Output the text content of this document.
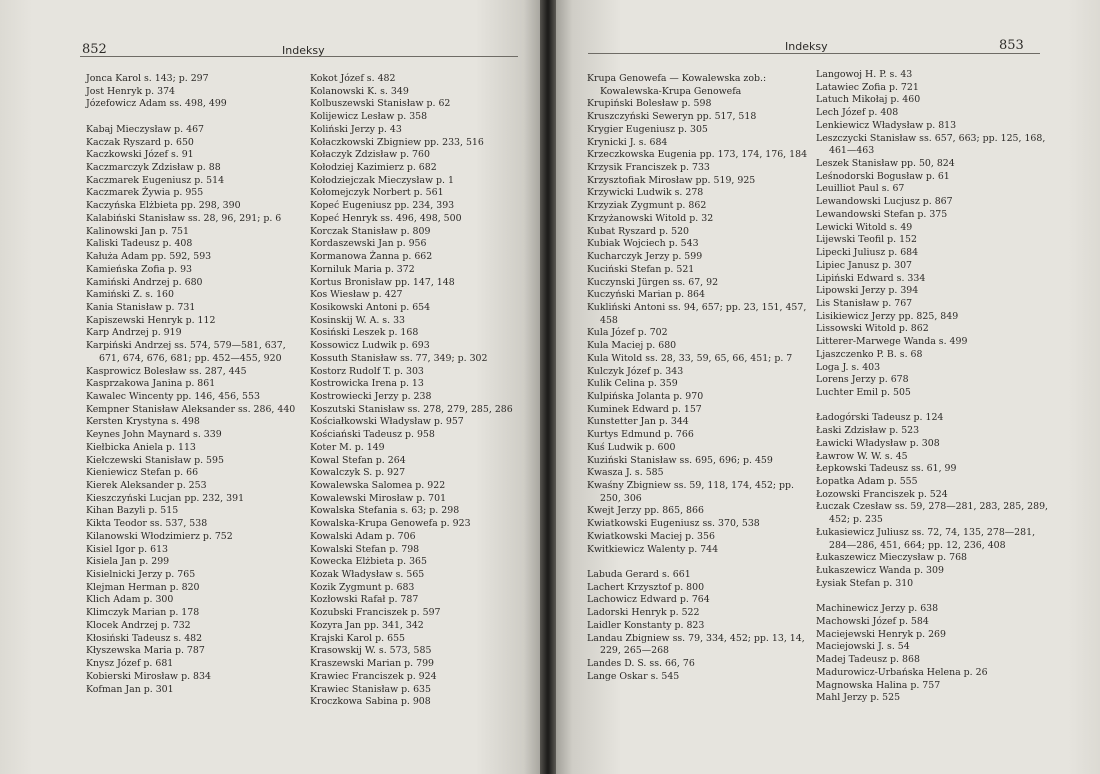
852	Indeksy
Jonca Karol s. 143; p. 297
Jost Henryk p. 374
Józefowicz Adam ss. 498, 499
Kabaj Mieczysław p. 467
Kaczak Ryszard p. 650
Kaczkowski Józef s. 91
Kaczmarczyk Zdzisław p. 88
Kaczmarek Eugeniusz p. 514
Kaczmarek Żywia p. 955
Kaczyńska Elżbieta pp. 298, 390
Kalabiński Stanisław ss. 28, 96, 291; p. 6
Kalinowski Jan p. 751
Kaliski Tadeusz p. 408
Kałuża Adam pp. 592, 593
Kamieńska Zofia p. 93
Kamiński Andrzej p. 680
Kamiński Z. s. 160
Kania Stanisław p. 731
Kapiszewski Henryk p. 112
Karp Andrzej p. 919
Karpiński Andrzej ss. 574, 579—581, 637, 671, 674, 676, 681; pp. 452—455, 920
Kasprowicz Bolesław ss. 287, 445
Kasprzakowa Janina p. 861
Kawalec Wincenty pp. 146, 456, 553
Kempner Stanisław Aleksander ss. 286, 440
Kersten Krystyna s. 498
Keynes John Maynard s. 339
Kiełbicka Aniela p. 113
Kiełczewski Stanisław p. 595
Kieniewicz Stefan p. 66
Kierek Aleksander p. 253
Kieszczyński Lucjan pp. 232, 391
Kihan Bazyli p. 515
Kikta Teodor ss. 537, 538
Kilanowski Włodzimierz p. 752
Kisiel Igor p. 613
Kisiela Jan p. 299
Kisielnicki Jerzy p. 765
Klejman Herman p. 820
Klich Adam p. 300
Klimczyk Marian p. 178
Klocek Andrzej p. 732
Kłosiński Tadeusz s. 482
Kłyszewska Maria p. 787
Knysz Józef p. 681
Kobierski Mirosław p. 834
Kofman Jan p. 301
Kokot Józef s. 482
Kolanowski K. s. 349
Kolbuszewski Stanisław p. 62
Kolijewicz Lesław p. 358
Koliński Jerzy p. 43
Kołaczkowski Zbigniew pp. 233, 516
Kołaczyk Zdzisław p. 760
Kołodziej Kazimierz p. 682
Kołodziejczak Mieczysław p. 1
Kołomejczyk Norbert p. 561
Kopeć Eugeniusz pp. 234, 393
Kopeć Henryk ss. 496, 498, 500
Korczak Stanisław p. 809
Kordaszewski Jan p. 956
Kormanowa Żanna p. 662
Korniluk Maria p. 372
Kortus Bronisław pp. 147, 148
Kos Wiesław p. 427
Kosikowski Antoni p. 654
Kosinskij W. A. s. 33
Kosiński Leszek p. 168
Kossowicz Ludwik p. 693
Kossuth Stanisław ss. 77, 349; p. 302
Kostorz Rudolf T. p. 303
Kostrowicka Irena p. 13
Kostrowiecki Jerzy p. 238
Koszutski Stanisław ss. 278, 279, 285, 286
Kościałkowski Władysław p. 957
Kościański Tadeusz p. 958
Koter M. p. 149
Kowal Stefan p. 264
Kowalczyk S. p. 927
Kowalewska Salomea p. 922
Kowalewski Mirosław p. 701
Kowalska Stefania s. 63; p. 298
Kowalska-Krupa Genowefa p. 923
Kowalski Adam p. 706
Kowalski Stefan p. 798
Kowecka Elżbieta p. 365
Kozak Władysław s. 565
Kozik Zygmunt p. 683
Kozłowski Rafał p. 787
Kozubski Franciszek p. 597
Kozyra Jan pp. 341, 342
Krajski Karol p. 655
Krasowskij W. s. 573, 585
Kraszewski Marian p. 799
Krawiec Franciszek p. 924
Krawiec Stanisław p. 635
Kroczkowa Sabina p. 908
Indeksy	853
Krupa Genowefa — Kowalewska zob.: Kowalewska-Krupa Genowefa
Krupiński Bolesław p. 598
Kruszczyński Seweryn pp. 517, 518
Krygier Eugeniusz p. 305
Krynicki J. s. 684
Krzeczkowska Eugenia pp. 173, 174, 176, 184
Krzysik Franciszek p. 733
Krzysztofiak Mirosław pp. 519, 925
Krzywicki Ludwik s. 278
Krzyziak Zygmunt p. 862
Krzyżanowski Witold p. 32
Kubat Ryszard p. 520
Kubiak Wojciech p. 543
Kucharczyk Jerzy p. 599
Kuciński Stefan p. 521
Kuczynski Jürgen ss. 67, 92
Kuczyński Marian p. 864
Kukliński Antoni ss. 94, 657; pp. 23, 151, 457, 458
Kula Józef p. 702
Kula Maciej p. 680
Kula Witold ss. 28, 33, 59, 65, 66, 451; p. 7
Kulczyk Józef p. 343
Kulik Celina p. 359
Kulpińska Jolanta p. 970
Kuminek Edward p. 157
Kunstetter Jan p. 344
Kurtys Edmund p. 766
Kuś Ludwik p. 600
Kuziński Stanisław ss. 695, 696; p. 459
Kwasza J. s. 585
Kwaśny Zbigniew ss. 59, 118, 174, 452; pp. 250, 306
Kwejt Jerzy pp. 865, 866
Kwiatkowski Eugeniusz ss. 370, 538
Kwiatkowski Maciej p. 356
Kwitkiewicz Walenty p. 744
Labuda Gerard s. 661
Lachert Krzysztof p. 800
Lachowicz Edward p. 764
Ladorski Henryk p. 522
Laidler Konstanty p. 823
Landau Zbigniew ss. 79, 334, 452; pp. 13, 14, 229, 265—268
Landes D. S. ss. 66, 76
Lange Oskar s. 545
Langowoj H. P. s. 43
Latawiec Zofia p. 721
Latuch Mikołaj p. 460
Lech Józef p. 408
Lenkiewicz Władysław p. 813
Leszczycki Stanisław ss. 657, 663; pp. 125, 168, 461—463
Leszek Stanisław pp. 50, 824
Leśnodorski Bogusław p. 61
Leuilliot Paul s. 67
Lewandowski Lucjusz p. 867
Lewandowski Stefan p. 375
Lewicki Witold s. 49
Lijewski Teofil p. 152
Lipecki Juliusz p. 684
Lipiec Janusz p. 307
Lipiński Edward s. 334
Lipowski Jerzy p. 394
Lis Stanisław p. 767
Lisikiewicz Jerzy pp. 825, 849
Lissowski Witold p. 862
Litterer-Marwege Wanda s. 499
Ljaszczenko P. B. s. 68
Loga J. s. 403
Lorens Jerzy p. 678
Luchter Emil p. 505
Ładogórski Tadeusz p. 124
Łaski Zdzisław p. 523
Ławicki Władysław p. 308
Ławrow W. W. s. 45
Łepkowski Tadeusz ss. 61, 99
Łopatka Adam p. 555
Łozowski Franciszek p. 524
Łuczak Czesław ss. 59, 278—281, 283, 285, 289, 452; p. 235
Łukasiewicz Juliusz ss. 72, 74, 135, 278—281, 284—286, 451, 664; pp. 12, 236, 408
Łukaszewicz Mieczysław p. 768
Łukaszewicz Wanda p. 309
Łysiak Stefan p. 310
Machinewicz Jerzy p. 638
Machowski Józef p. 584
Maciejewski Henryk p. 269
Maciejowski J. s. 54
Madej Tadeusz p. 868
Madurowicz-Urbańska Helena p. 26
Magnowska Halina p. 757
Mahl Jerzy p. 525
